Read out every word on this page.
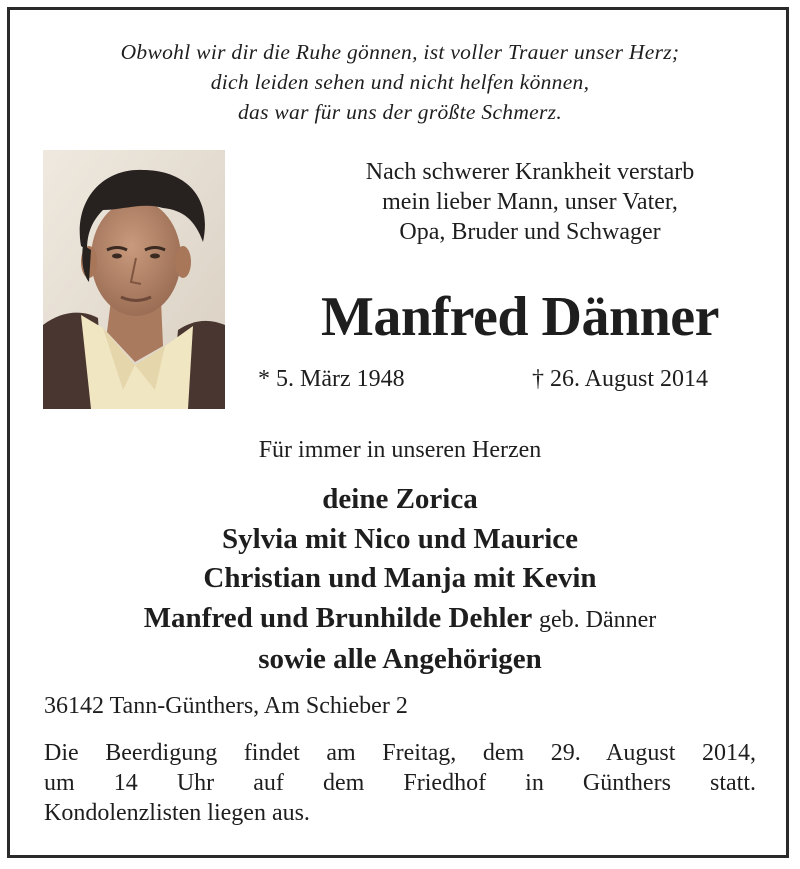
Obwohl wir dir die Ruhe gönnen, ist voller Trauer unser Herz;
dich leiden sehen und nicht helfen können,
das war für uns der größte Schmerz.
Nach schwerer Krankheit verstarb
mein lieber Mann, unser Vater,
Opa, Bruder und Schwager
Manfred Dänner
* 5. März 1948	† 26. August 2014
Für immer in unseren Herzen
deine Zorica
Sylvia mit Nico und Maurice
Christian und Manja mit Kevin
Manfred und Brunhilde Dehler geb. Dänner
sowie alle Angehörigen
36142 Tann-Günthers, Am Schieber 2
Die Beerdigung findet am Freitag, dem 29. August 2014,
um 14 Uhr auf dem Friedhof in Günthers statt.
Kondolenzlisten liegen aus.
